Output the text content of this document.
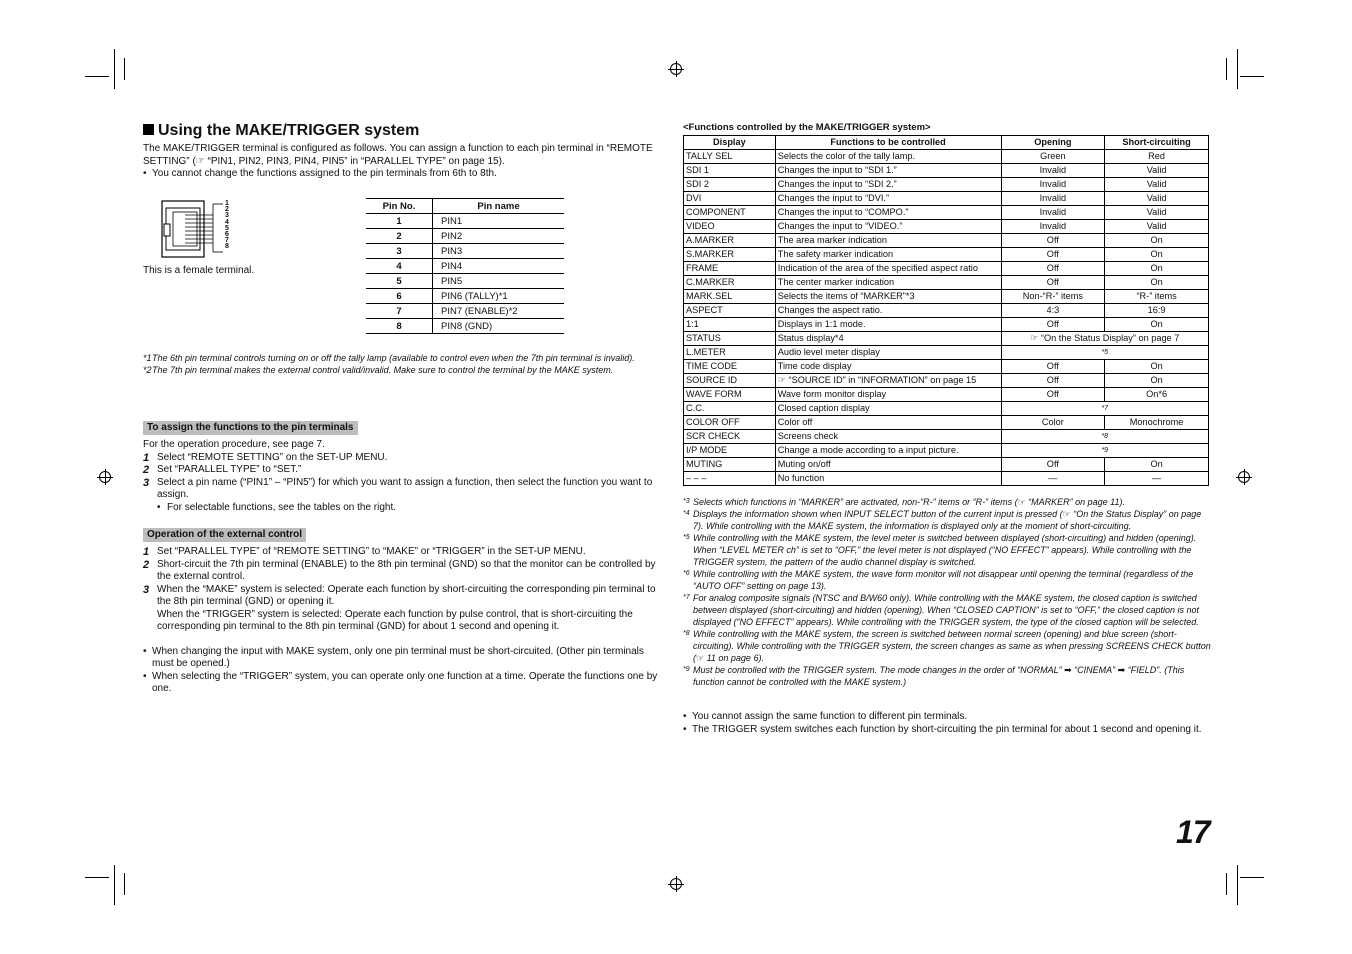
Using the MAKE/TRIGGER system
The MAKE/TRIGGER terminal is configured as follows. You can assign a function to each pin terminal in “REMOTE SETTING” (☞ “PIN1, PIN2, PIN3, PIN4, PIN5” in “PARALLEL TYPE” on page 15).
• You cannot change the functions assigned to the pin terminals from 6th to 8th.
1
2
3
4
5
6
7
8
This is a female terminal.
Pin No.	Pin name
1	PIN1
2	PIN2
3	PIN3
4	PIN4
5	PIN5
6	PIN6 (TALLY)*1
7	PIN7 (ENABLE)*2
8	PIN8 (GND)
*1 The 6th pin terminal controls turning on or off the tally lamp (available to control even when the 7th pin terminal is invalid).
*2 The 7th pin terminal makes the external control valid/invalid. Make sure to control the terminal by the MAKE system.
To assign the functions to the pin terminals
For the operation procedure, see page 7.
1 Select “REMOTE SETTING” on the SET-UP MENU.
2 Set “PARALLEL TYPE” to “SET.”
3 Select a pin name (“PIN1” – “PIN5”) for which you want to assign a function, then select the function you want to assign.
• For selectable functions, see the tables on the right.
Operation of the external control
1 Set “PARALLEL TYPE” of “REMOTE SETTING” to “MAKE” or “TRIGGER” in the SET-UP MENU.
2 Short-circuit the 7th pin terminal (ENABLE) to the 8th pin terminal (GND) so that the monitor can be controlled by the external control.
3 When the “MAKE” system is selected: Operate each function by short-circuiting the corresponding pin terminal to the 8th pin terminal (GND) or opening it.
When the “TRIGGER” system is selected: Operate each function by pulse control, that is short-circuiting the corresponding pin terminal to the 8th pin terminal (GND) for about 1 second and opening it.
• When changing the input with MAKE system, only one pin terminal must be short-circuited. (Other pin terminals must be opened.)
• When selecting the “TRIGGER” system, you can operate only one function at a time. Operate the functions one by one.
<Functions controlled by the MAKE/TRIGGER system>
Display	Functions to be controlled	Opening	Short-circuiting
TALLY SEL	Selects the color of the tally lamp.	Green	Red
SDI 1	Changes the input to “SDI 1.”	Invalid	Valid
SDI 2	Changes the input to “SDI 2.”	Invalid	Valid
DVI	Changes the input to “DVI.”	Invalid	Valid
COMPONENT	Changes the input to “COMPO.”	Invalid	Valid
VIDEO	Changes the input to “VIDEO.”	Invalid	Valid
A.MARKER	The area marker indication	Off	On
S.MARKER	The safety marker indication	Off	On
FRAME	Indication of the area of the specified aspect ratio	Off	On
C.MARKER	The center marker indication	Off	On
MARK.SEL	Selects the items of “MARKER”*3	Non-“R-” items	“R-” items
ASPECT	Changes the aspect ratio.	4:3	16:9
1:1	Displays in 1:1 mode.	Off	On
STATUS	Status display*4	☞ “On the Status Display” on page 7	
L.METER	Audio level meter display	*5	
TIME CODE	Time code display	Off	On
SOURCE ID	☞ “SOURCE ID” in “INFORMATION” on page 15	Off	On
WAVE FORM	Wave form monitor display	Off	On*6
C.C.	Closed caption display	*7	
COLOR OFF	Color off	Color	Monochrome
SCR CHECK	Screens check	*8	
I/P MODE	Change a mode according to a input picture.	*9	
MUTING	Muting on/off	Off	On
– – –	No function	—	—
*3 Selects which functions in “MARKER” are activated, non-“R-” items or “R-” items (☞ “MARKER” on page 11).
*4 Displays the information shown when INPUT SELECT button of the current input is pressed (☞ “On the Status Display” on page 7). While controlling with the MAKE system, the information is displayed only at the moment of short-circuiting.
*5 While controlling with the MAKE system, the level meter is switched between displayed (short-circuiting) and hidden (opening). When “LEVEL METER ch” is set to “OFF,” the level meter is not displayed (“NO EFFECT” appears). While controlling with the TRIGGER system, the pattern of the audio channel display is switched.
*6 While controlling with the MAKE system, the wave form monitor will not disappear until opening the terminal (regardless of the “AUTO OFF” setting on page 13).
*7 For analog composite signals (NTSC and B/W60 only). While controlling with the MAKE system, the closed caption is switched between displayed (short-circuiting) and hidden (opening). When “CLOSED CAPTION” is set to “OFF,” the closed caption is not displayed (“NO EFFECT” appears). While controlling with the TRIGGER system, the type of the closed caption will be selected.
*8 While controlling with the MAKE system, the screen is switched between normal screen (opening) and blue screen (short-circuiting). While controlling with the TRIGGER system, the screen changes as same as when pressing SCREENS CHECK button (☞ 11 on page 6).
*9 Must be controlled with the TRIGGER system. The mode changes in the order of “NORMAL” ➡ “CINEMA” ➡ “FIELD”. (This function cannot be controlled with the MAKE system.)
• You cannot assign the same function to different pin terminals.
• The TRIGGER system switches each function by short-circuiting the pin terminal for about 1 second and opening it.
17
